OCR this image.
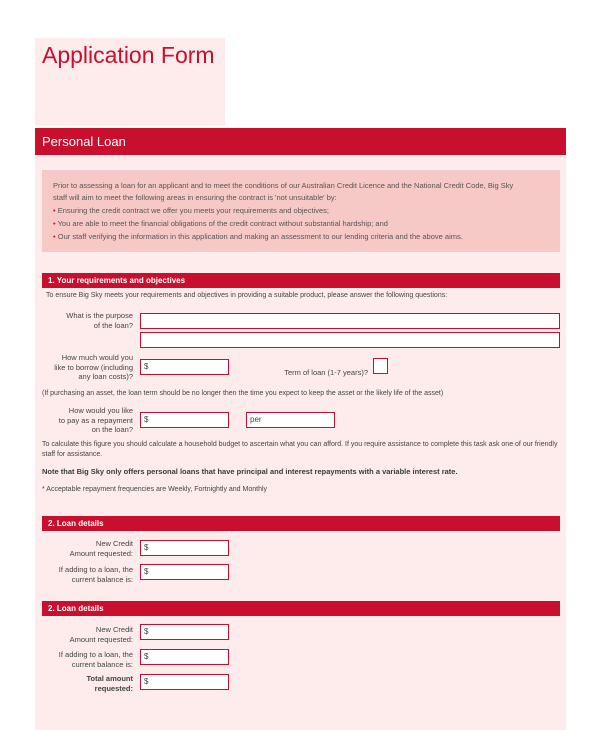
Application Form
Personal Loan
Prior to assessing a loan for an applicant and to meet the conditions of our Australian Credit Licence and the National Credit Code, Big Sky
staff will aim to meet the following areas in ensuring the contract is 'not unsuitable' by:
• Ensuring the credit contract we offer you meets your requirements and objectives;
• You are able to meet the financial obligations of the credit contract without substantial hardship; and
• Our staff verifying the information in this application and making an assessment to our lending criteria and the above aims.
1. Your requirements and objectives
To ensure Big Sky meets your requirements and objectives in providing a suitable product, please answer the following questions:
What is the purpose
of the loan?
How much would you
like to borrow (including
any loan costs)?
$
Term of loan (1-7 years)?
(If purchasing an asset, the loan term should be no longer then the time you expect to keep the asset or the likely life of the asset)
How would you like
to pay as a repayment
on the loan?
$	per
To calculate this figure you should calculate a household budget to ascertain what you can afford. If you require assistance to complete this task ask one of our friendly
staff for assistance.
Note that Big Sky only offers personal loans that have principal and interest repayments with a variable interest rate.
* Acceptable repayment frequencies are Weekly, Fortnightly and Monthly
2. Loan details
New Credit
Amount requested:
$
If adding to a loan, the
current balance is:
$
2. Loan details
New Credit
Amount requested:
$
If adding to a loan, the
current balance is:
$
Total amount
requested:
$
